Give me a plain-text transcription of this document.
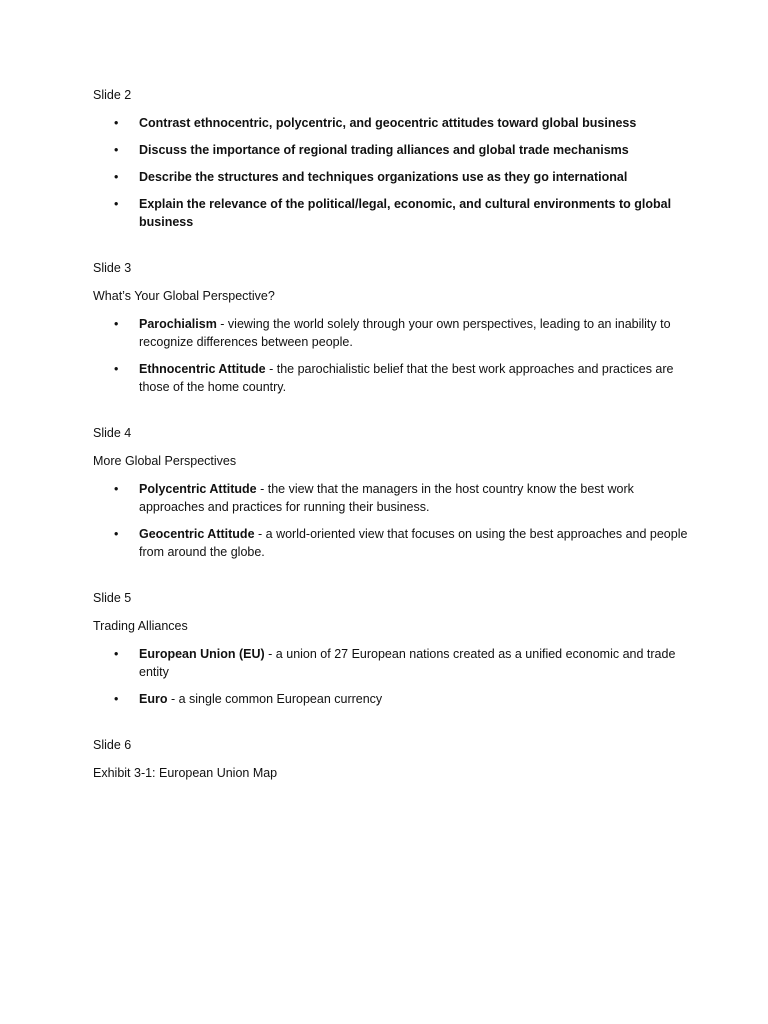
Slide 2
• Contrast ethnocentric, polycentric, and geocentric attitudes toward global business
• Discuss the importance of regional trading alliances and global trade mechanisms
• Describe the structures and techniques organizations use as they go international
• Explain the relevance of the political/legal, economic, and cultural environments to global business
Slide 3
What’s Your Global Perspective?
• Parochialism - viewing the world solely through your own perspectives, leading to an inability to recognize differences between people.
• Ethnocentric Attitude - the parochialistic belief that the best work approaches and practices are those of the home country.
Slide 4
More Global Perspectives
• Polycentric Attitude - the view that the managers in the host country know the best work approaches and practices for running their business.
• Geocentric Attitude - a world-oriented view that focuses on using the best approaches and people from around the globe.
Slide 5
Trading Alliances
• European Union (EU) - a union of 27 European nations created as a unified economic and trade entity
• Euro - a single common European currency
Slide 6
Exhibit 3-1: European Union Map
